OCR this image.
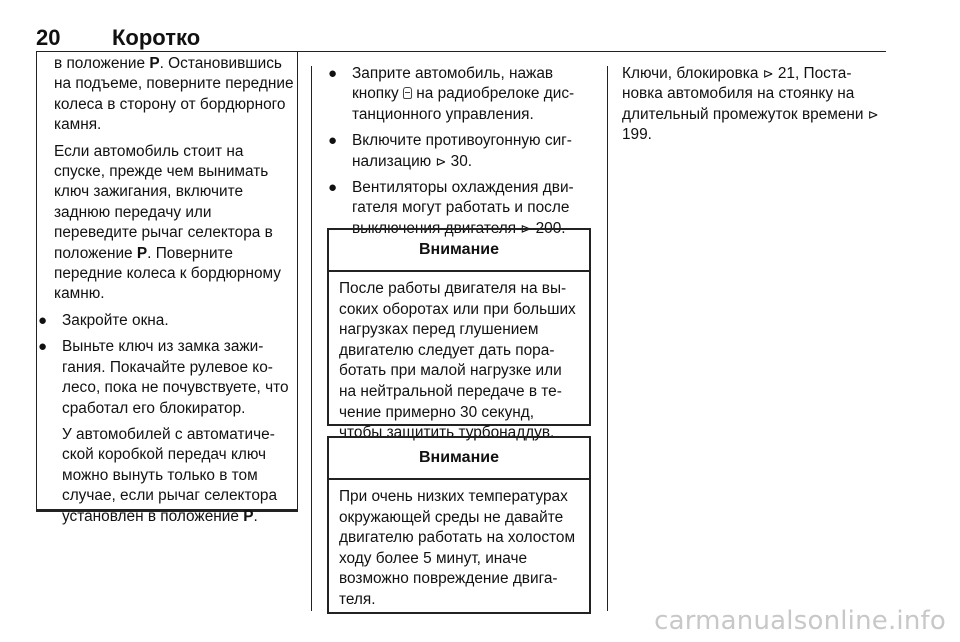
20 Коротко

в положение P. Остановившись на подъеме, поверните передние колеса в сторону от бордюрного камня.

Если автомобиль стоит на спуске, прежде чем вынимать ключ зажигания, включите заднюю передачу или переведите рычаг селектора в положение P. Поверните передние колеса к бордюрному камню.

● Закройте окна.
● Выньте ключ из замка зажигания. Покачайте рулевое колесо, пока не почувствуете, что сработал его блокиратор.

У автомобилей с автоматической коробкой передач ключ можно вынуть только в том случае, если рычаг селектора установлен в положение P.

● Заприте автомобиль, нажав кнопку  на радиобрелоке дистанционного управления.
● Включите противоугонную сигнализацию ⊳ 30.
● Вентиляторы охлаждения двигателя могут работать и после выключения двигателя ⊳ 200.
Внимание
После работы двигателя на высоких оборотах или при больших нагрузках перед глушением двигателю следует дать поработать при малой нагрузке или на нейтральной передаче в течение примерно 30 секунд, чтобы защитить турбонаддув.
Внимание
При очень низких температурах окружающей среды не давайте двигателю работать на холостом ходу более 5 минут, иначе возможно повреждение двигателя.

Ключи, блокировка ⊳ 21, Постановка автомобиля на стоянку на длительный промежуток времени ⊳ 199.

carmanualsonline.info
